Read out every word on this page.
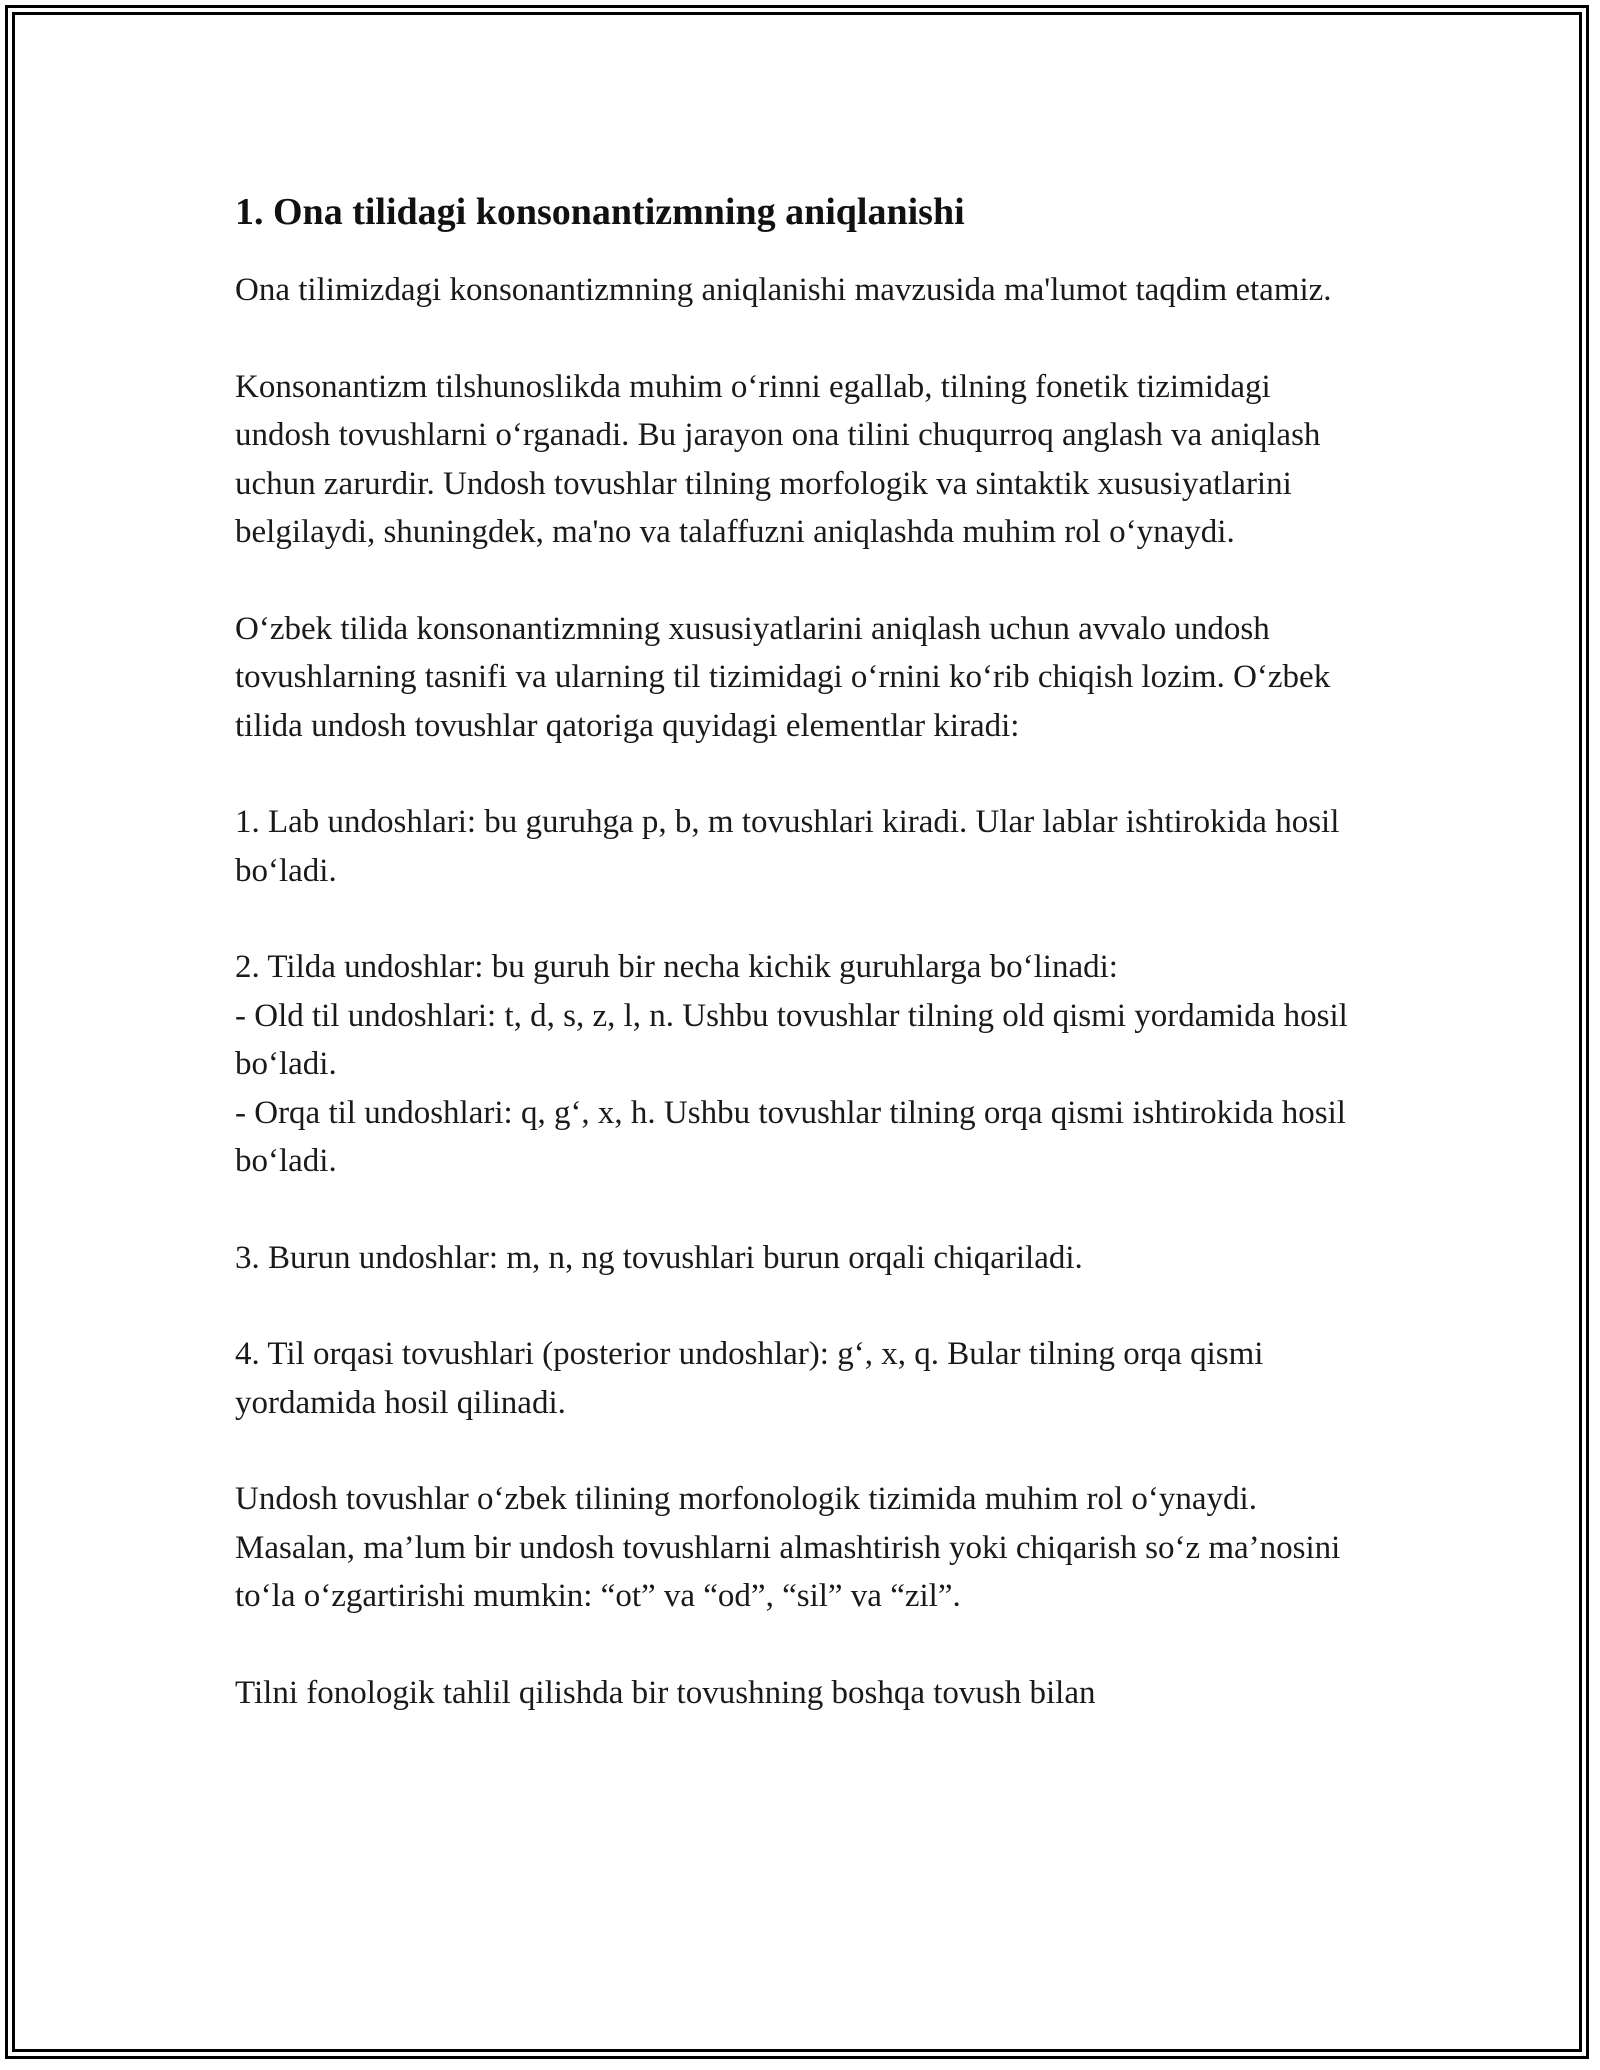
1. Ona tilidagi konsonantizmning aniqlanishi

Ona tilimizdagi konsonantizmning aniqlanishi mavzusida ma'lumot taqdim etamiz.

Konsonantizm tilshunoslikda muhim o‘rinni egallab, tilning fonetik tizimidagi undosh tovushlarni o‘rganadi. Bu jarayon ona tilini chuqurroq anglash va aniqlash uchun zarurdir. Undosh tovushlar tilning morfologik va sintaktik xususiyatlarini belgilaydi, shuningdek, ma'no va talaffuzni aniqlashda muhim rol o‘ynaydi.

O‘zbek tilida konsonantizmning xususiyatlarini aniqlash uchun avvalo undosh tovushlarning tasnifi va ularning til tizimidagi o‘rnini ko‘rib chiqish lozim. O‘zbek tilida undosh tovushlar qatoriga quyidagi elementlar kiradi:

1. Lab undoshlari: bu guruhga p, b, m tovushlari kiradi. Ular lablar ishtirokida hosil bo‘ladi.

2. Tilda undoshlar: bu guruh bir necha kichik guruhlarga bo‘linadi:
- Old til undoshlari: t, d, s, z, l, n. Ushbu tovushlar tilning old qismi yordamida hosil bo‘ladi.
- Orqa til undoshlari: q, g‘, x, h. Ushbu tovushlar tilning orqa qismi ishtirokida hosil bo‘ladi.

3. Burun undoshlar: m, n, ng tovushlari burun orqali chiqariladi.

4. Til orqasi tovushlari (posterior undoshlar): g‘, x, q. Bular tilning orqa qismi yordamida hosil qilinadi.

Undosh tovushlar o‘zbek tilining morfonologik tizimida muhim rol o‘ynaydi. Masalan, ma’lum bir undosh tovushlarni almashtirish yoki chiqarish so‘z ma’nosini to‘la o‘zgartirishi mumkin: “ot” va “od”, “sil” va “zil”.

Tilni fonologik tahlil qilishda bir tovushning boshqa tovush bilan
